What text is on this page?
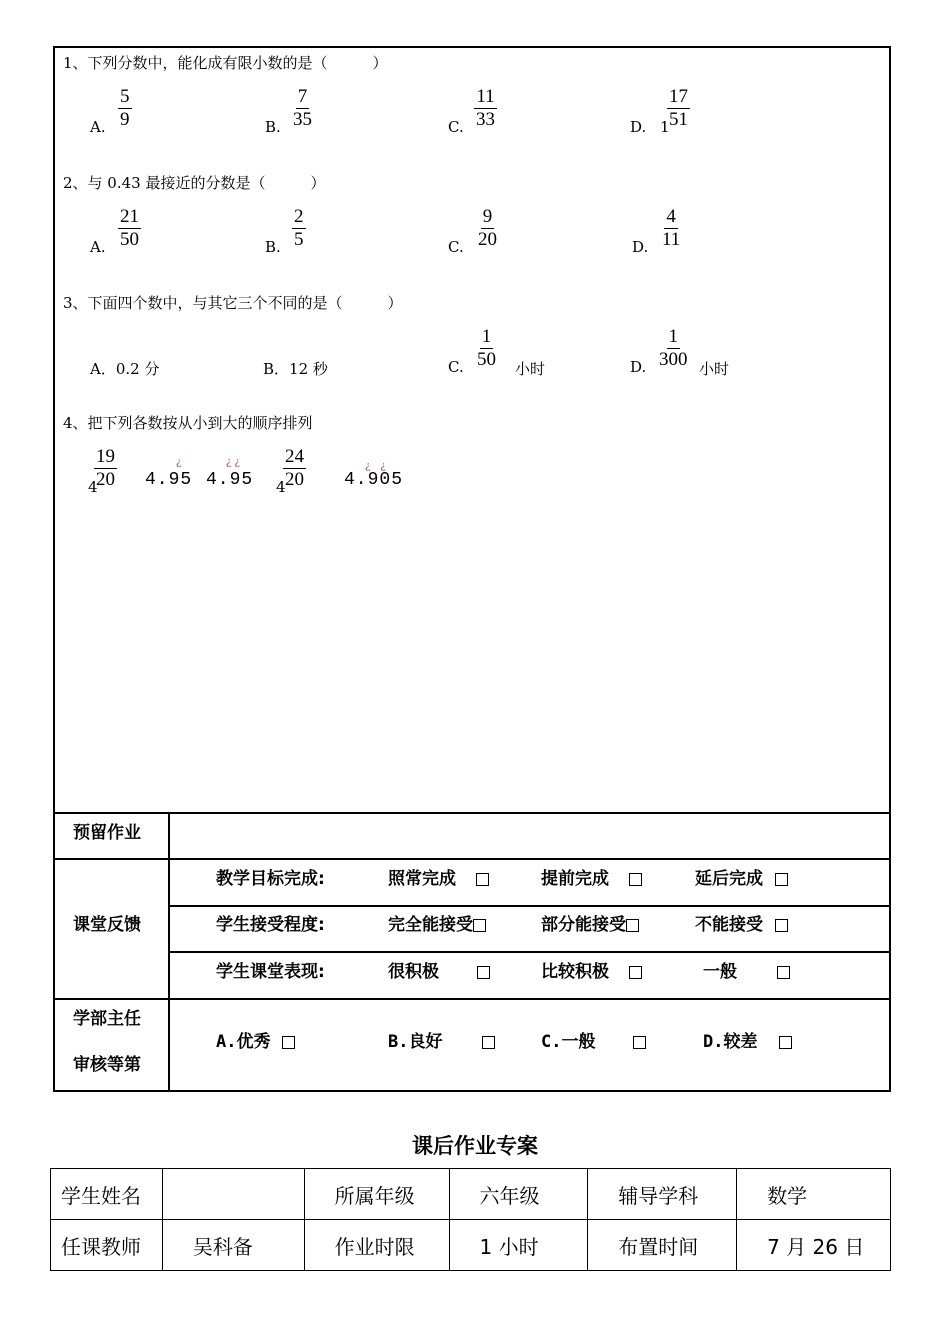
1、下列分数中，能化成有限小数的是（　　　）
A. $\frac{5}{9}$	B. $\frac{7}{35}$	C. $\frac{11}{33}$	D. 1
$\frac{17}{51}$
2、与 0.43 最接近的分数是（　　　）
A. $\frac{21}{50}$	B. $\frac{2}{5}$	C. $\frac{9}{20}$	D. $\frac{4}{11}$
3、下面四个数中，与其它三个不同的是（　　　）
A．0.2 分	B．12 秒	C. $\frac{1}{50}$ 小时	D. $\frac{1}{300}$ 小时
4、把下列各数按从小到大的顺序排列
4
$\frac{19}{20}$	¿
4.95
¿ ¿
4.95 4
$\frac{24}{20}$	¿　¿
4.905
预留作业
课堂反馈
学部主任
审核等第
教学目标完成:	照常完成	提前完成	延后完成
学生接受程度:	完全能接受	部分能接受	不能接受
学生课堂表现:	很积极	比较积极	一般
A.优秀	B.良好	C.一般	D.较差
课后作业专案
学生姓名		所属年级	六年级	辅导学科	数学
任课教师	吴科备	作业时限	1 小时	布置时间	7 月 26 日
